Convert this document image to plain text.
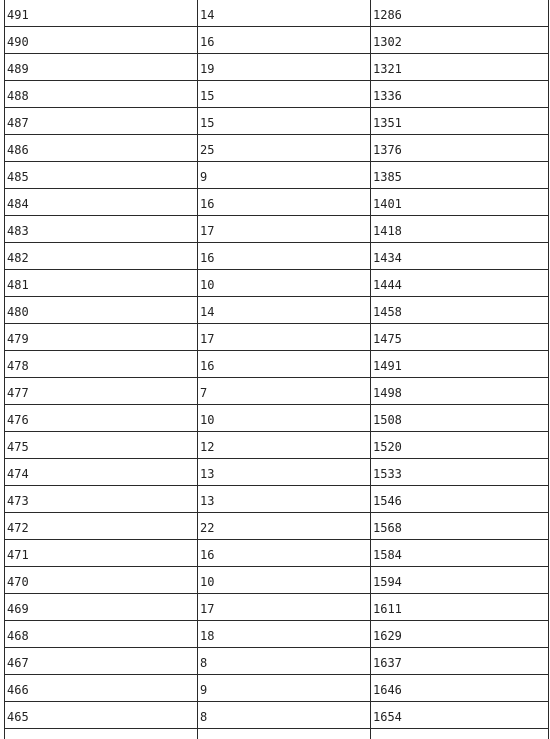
491	14	1286
490	16	1302
489	19	1321
488	15	1336
487	15	1351
486	25	1376
485	9	1385
484	16	1401
483	17	1418
482	16	1434
481	10	1444
480	14	1458
479	17	1475
478	16	1491
477	7	1498
476	10	1508
475	12	1520
474	13	1533
473	13	1546
472	22	1568
471	16	1584
470	10	1594
469	17	1611
468	18	1629
467	8	1637
466	9	1646
465	8	1654
